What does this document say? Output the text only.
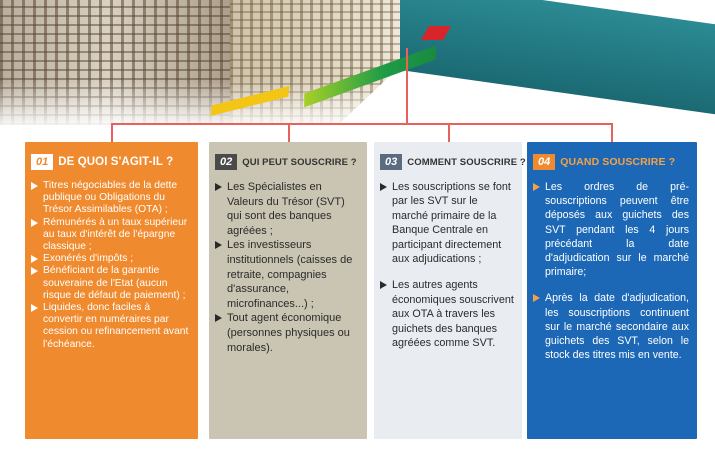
01 DE QUOI S'AGIT-IL ?
Titres négociables de la dette publique ou Obligations du Trésor Assimilables (OTA) ;
Rémunérés à un taux supérieur au taux d'intérêt de l'épargne classique ;
Exonérés d'impôts ;
Bénéficiant de la garantie souveraine de l'Etat (aucun risque de défaut de paiement) ;
Liquides, donc faciles à convertir en numéraires par cession ou refinancement avant l'échéance.
02	QUI PEUT SOUSCRIRE ?
Les Spécialistes en Valeurs du Trésor (SVT) qui sont des banques agréées ;
Les investisseurs institutionnels (caisses de retraite, compagnies d'assurance, microfinances...) ;
Tout agent économique (personnes physiques ou morales).
03	COMMENT SOUSCRIRE ?
Les souscriptions se font par les SVT sur le marché primaire de la Banque Centrale en participant directement aux adjudications ;
Les autres agents économiques souscrivent aux OTA à travers les guichets des banques agréées comme SVT.
04 QUAND SOUSCRIRE ?
Les ordres de pré-souscriptions peuvent être déposés aux guichets des SVT pendant les 4 jours précédant la date d'adjudication sur le marché primaire;
Après la date d'adjudication, les souscriptions continuent sur le marché secondaire aux guichets des SVT, selon le stock des titres mis en vente.
